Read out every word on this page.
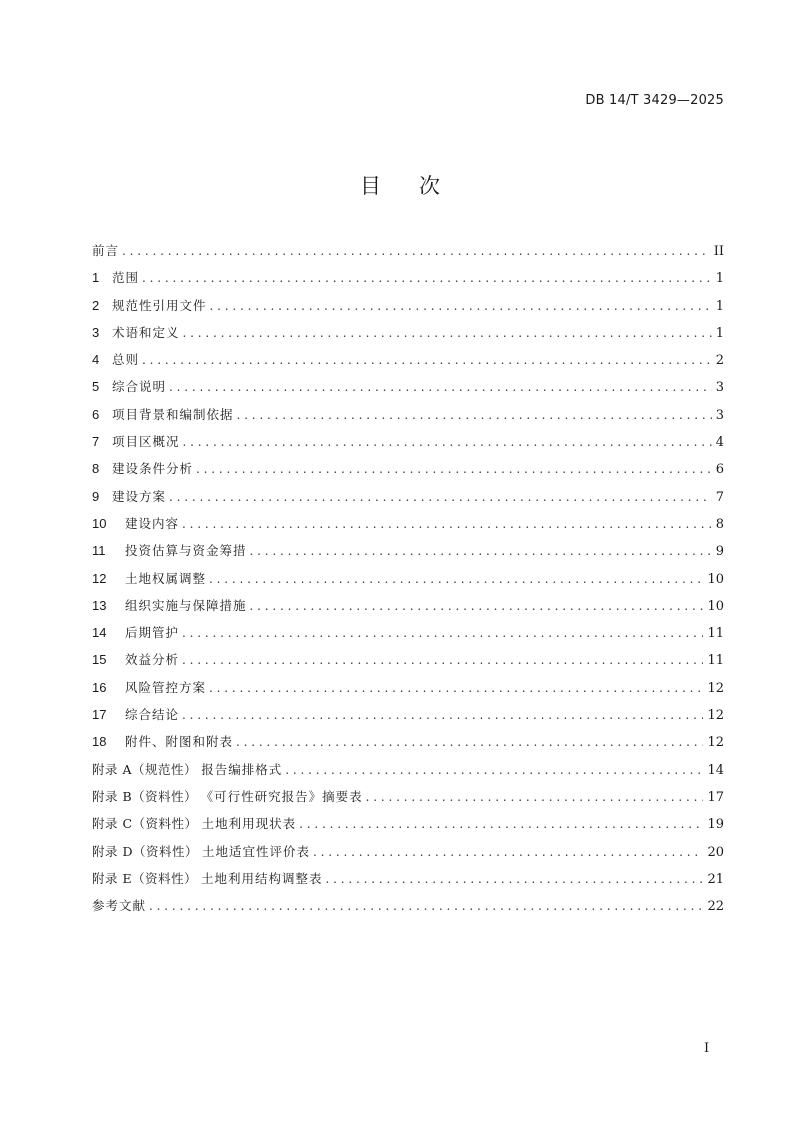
DB 14/T 3429—2025
目 次
前言 . . .	II
1	范围 . . .	1
2	规范性引用文件 . . .	1
3	术语和定义 . . .	1
4	总则 . . .	2
5	综合说明 . . .	3
6	项目背景和编制依据 . . .	3
7	项目区概况 . . .	4
8	建设条件分析 . . .	6
9	建设方案 . . .	7
10	建设内容 . . .	8
11	投资估算与资金筹措 . . .	9
12	土地权属调整 . . .	10
13	组织实施与保障措施 . . .	10
14	后期管护 . . .	11
15	效益分析 . . .	11
16	风险管控方案 . . .	12
17	综合结论 . . .	12
18	附件、附图和附表 . . .	12
附录 A（规范性） 报告编排格式 . . .	14
附录 B（资料性） 《可行性研究报告》摘要表 . . .	17
附录 C（资料性） 土地利用现状表 . . .	19
附录 D（资料性） 土地适宜性评价表 . . .	20
附录 E（资料性） 土地利用结构调整表 . . .	21
参考文献 . . .	22
I
